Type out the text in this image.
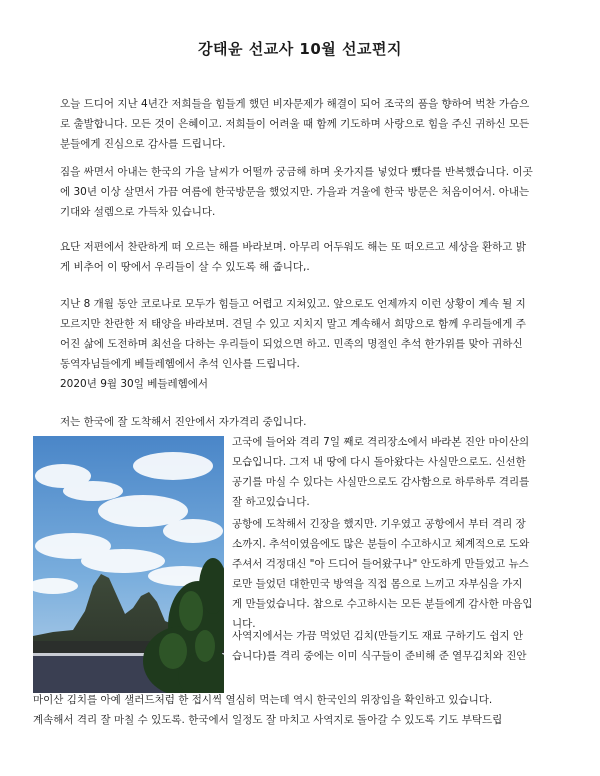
강태윤 선교사 10월 선교편지
오늘 드디어 지난 4년간 저희들을 힘들게 했던 비자문제가 해결이 되어 조국의 품을 향하여 벅찬 가슴으
로 출발합니다. 모든 것이 은혜이고. 저희들이 어려울 때 함께 기도하며 사랑으로 힘을 주신 귀하신 모든
분들에게 진심으로 감사를 드립니다.
짐을 싸면서 아내는 한국의 가을 날씨가 어떨까 궁금해 하며 옷가지를 넣었다 뺐다를 반복했습니다. 이곳
에 30년 이상 살면서 가끔 여름에 한국방문을 했었지만. 가을과 겨울에 한국 방문은 처음이어서. 아내는
기대와 설렘으로 가득차 있습니다.
요단 저편에서 찬란하게 떠 오르는 해를 바라보며. 아무리 어두워도 해는 또 떠오르고 세상을 환하고 밝
게 비추어 이 땅에서 우리들이 살 수 있도록 해 줍니다,.
지난 8 개월 동안 코로나로 모두가 힘들고 어렵고 지쳐있고. 앞으로도 언제까지 이런 상황이 계속 될 지
모르지만 찬란한 저 태양을 바라보며. 견딜 수 있고 지치지 말고 계속해서 희망으로 함께 우리들에게 주
어진 삶에 도전하며 최선을 다하는 우리들이 되었으면 하고. 민족의 명절인 추석 한가위를 맞아 귀하신
동역자님들에게 베들레헴에서 추석 인사를 드립니다.
2020년 9월 30일 베들레헴에서
저는 한국에 잘 도착해서 진안에서 자가격리 중입니다.
고국에 들어와 격리 7일 째로 격리장소에서 바라본 진안 마이산의
모습입니다. 그저 내 땅에 다시 돌아왔다는 사실만으로도. 신선한
공기를 마실 수 있다는 사실만으로도 감사함으로 하루하루 격리를
잘 하고있습니다.
공항에 도착해서 긴장을 했지만. 기우였고 공항에서 부터 격리 장
소까지. 추석이였음에도 많은 분들이 수고하시고 체계적으로 도와
주셔서 걱정대신 "아 드디어 들어왔구나" 안도하게 만들었고 뉴스
로만 들었던 대한민국 방역을 직접 몸으로 느끼고 자부심을 가지
게 만들었습니다. 참으로 수고하시는 모든 분들에게 감사한 마음입
니다.
사역지에서는 가끔 먹었던 김치(만들기도 재료 구하기도 쉽지 안
습니다)를 격리 중에는 이미 식구들이 준비해 준 열무김치와 진안
마이산 김치를 아예 샐러드처럼 한 접시씩 열심히 먹는데 역시 한국인의 위장임을 확인하고 있습니다.
계속해서 격리 잘 마칠 수 있도록. 한국에서 일정도 잘 마치고 사역지로 돌아갈 수 있도록 기도 부탁드립
